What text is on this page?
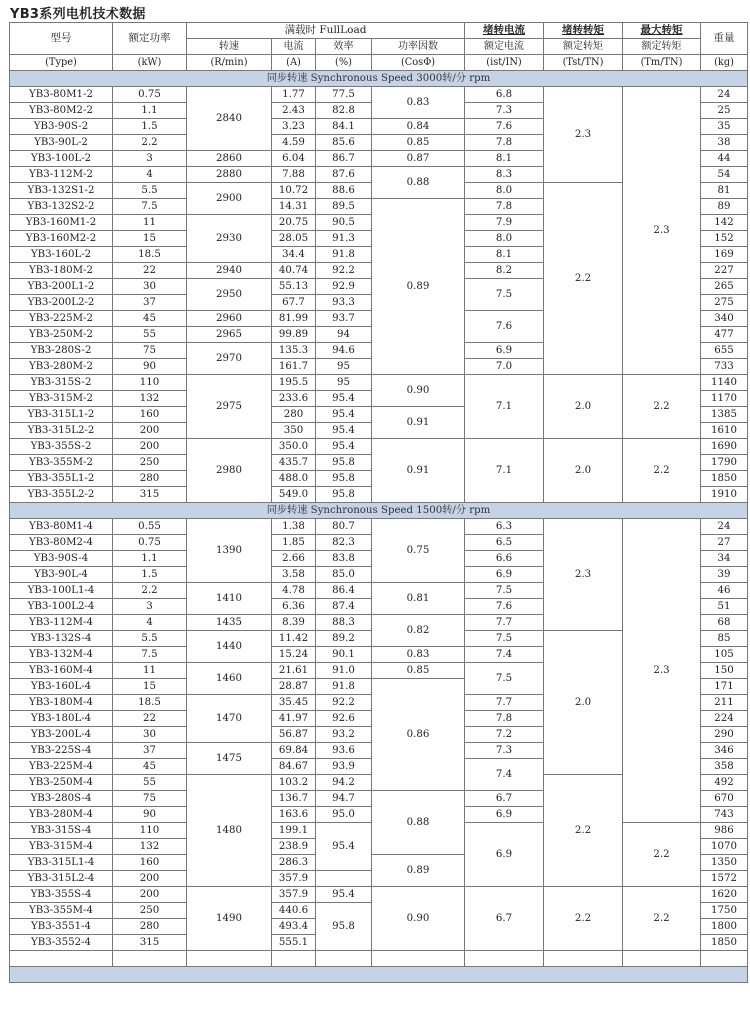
YB3系列电机技术数据
型号	额定功率	满载时 FullLoad				堵转电流	堵转转矩	最大转矩	重量
		转速	电流	效率	功率因数	额定电流	额定转矩	额定转矩	
(Type)	(kW)	(R/min)	(A)	(%)	(CosΦ)	(ist/IN)	(Tst/TN)	(Tm/TN)	(kg)
同步转速 Synchronous Speed 3000转/分 rpm									
YB3-80M1-2	0.75	2840	1.77	77.5	0.83	6.8	2.3	2.3	24
YB3-80M2-2	1.1		2.43	82.8		7.3			25
YB3-90S-2	1.5		3.23	84.1	0.84	7.6			35
YB3-90L-2	2.2		4.59	85.6	0.85	7.8			38
YB3-100L-2	3	2860	6.04	86.7	0.87	8.1			44
YB3-112M-2	4	2880	7.88	87.6	0.88	8.3			54
YB3-132S1-2	5.5	2900	10.72	88.6		8.0	2.2		81
YB3-132S2-2	7.5		14.31	89.5	0.89	7.8			89
YB3-160M1-2	11	2930	20.75	90.5		7.9			142
YB3-160M2-2	15		28.05	91.3		8.0			152
YB3-160L-2	18.5		34.4	91.8		8.1			169
YB3-180M-2	22	2940	40.74	92.2		8.2			227
YB3-200L1-2	30	2950	55.13	92.9		7.5			265
YB3-200L2-2	37		67.7	93.3					275
YB3-225M-2	45	2960	81.99	93.7		7.6			340
YB3-250M-2	55	2965	99.89	94					477
YB3-280S-2	75	2970	135.3	94.6		6.9			655
YB3-280M-2	90		161.7	95		7.0			733
YB3-315S-2	110	2975	195.5	95	0.90	7.1	2.0	2.2	1140
YB3-315M-2	132		233.6	95.4					1170
YB3-315L1-2	160		280	95.4	0.91				1385
YB3-315L2-2	200		350	95.4					1610
YB3-355S-2	200	2980	350.0	95.4	0.91	7.1	2.0	2.2	1690
YB3-355M-2	250		435.7	95.8					1790
YB3-355L1-2	280		488.0	95.8					1850
YB3-355L2-2	315		549.0	95.8					1910
同步转速 Synchronous Speed 1500转/分 rpm									
YB3-80M1-4	0.55	1390	1.38	80.7	0.75	6.3	2.3	2.3	24
YB3-80M2-4	0.75		1.85	82.3		6.5			27
YB3-90S-4	1.1		2.66	83.8		6.6			34
YB3-90L-4	1.5		3.58	85.0		6.9			39
YB3-100L1-4	2.2	1410	4.78	86.4	0.81	7.5			46
YB3-100L2-4	3		6.36	87.4		7.6			51
YB3-112M-4	4	1435	8.39	88.3	0.82	7.7			68
YB3-132S-4	5.5	1440	11.42	89.2		7.5	2.0		85
YB3-132M-4	7.5		15.24	90.1	0.83	7.4			105
YB3-160M-4	11	1460	21.61	91.0	0.85	7.5			150
YB3-160L-4	15		28.87	91.8	0.86				171
YB3-180M-4	18.5	1470	35.45	92.2		7.7			211
YB3-180L-4	22		41.97	92.6		7.8			224
YB3-200L-4	30		56.87	93.2		7.2			290
YB3-225S-4	37	1475	69.84	93.6		7.3			346
YB3-225M-4	45		84.67	93.9		7.4			358
YB3-250M-4	55	1480	103.2	94.2			2.2		492
YB3-280S-4	75		136.7	94.7	0.88	6.7			670
YB3-280M-4	90		163.6	95.0		6.9			743
YB3-315S-4	110		199.1	95.4		6.9		2.2	986
YB3-315M-4	132		238.9						1070
YB3-315L1-4	160		286.3		0.89				1350
YB3-315L2-4	200		357.9						1572
YB3-355S-4	200	1490	357.9	95.4	0.90	6.7	2.2	2.2	1620
YB3-355M-4	250		440.6	95.8					1750
YB3-3551-4	280		493.4						1800
YB3-3552-4	315		555.1						1850
